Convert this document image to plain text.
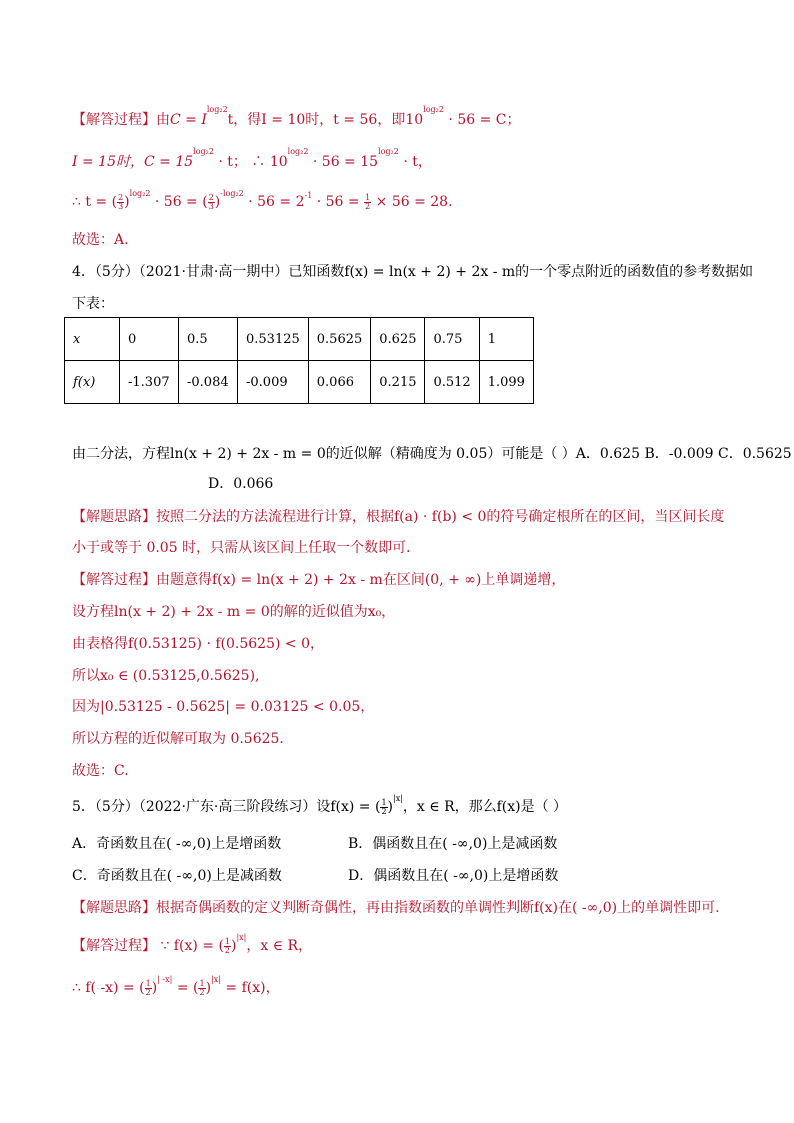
【解答过程】由$C = I^{log_22}t$，得I = 10时，t = 56，即$10^{log_22} \cdot 56 = C$；
I = 15时，$C = 15^{log_22} \cdot t$； ∴ $10^{log_22} \cdot 56 = 15^{log_22} \cdot t$，
∴ t = ( $\frac{2}{3} )^{log_22} \cdot 56$ = ( $\frac{2}{3} )^{-log_22} \cdot 56 = 2^{-1} \cdot 56 = \frac{1}{2} \times 56 = 28$.
故选：A.
4．（5分）（2021·甘肃·高一期中）已知函数f(x) = ln(x + 2) + 2x - m的一个零点附近的函数值的参考数据如
下表：
x	0	0.5	0.53125	0.5625	0.625	0.75	1
f(x)	-1.307	-0.084	-0.009	0.066	0.215	0.512	1.099
由二分法，方程ln(x + 2) + 2x - m = 0的近似解（精确度为 0.05）可能是（ ）A．0.625 B．-0.009 C．0.5625
D．0.066
【解题思路】按照二分法的方法流程进行计算，根据f(a) · f(b) < 0的符号确定根所在的区间，当区间长度
小于或等于 0.05 时，只需从该区间上任取一个数即可．
【解答过程】由题意得f(x) = ln(x + 2) + 2x - m在区间(0, + ∞)上单调递增，
设方程ln(x + 2) + 2x - m = 0的解的近似值为x₀，
由表格得f(0.53125) · f(0.5625) < 0，
所以x₀ ∈ (0.53125,0.5625),
因为|0.53125 - 0.5625| = 0.03125 < 0.05，
所以方程的近似解可取为 0.5625．
故选：C.
5．（5分）（2022·广东·高三阶段练习）设f(x) = ( $\frac{1}{2} )^{|x|}$，x ∈ R，那么f(x)是（ ）
A．奇函数且在( -∞,0)上是增函数	B．偶函数且在( -∞,0)上是减函数
C．奇函数且在( -∞,0)上是减函数	D．偶函数且在( -∞,0)上是增函数
【解题思路】根据奇偶函数的定义判断奇偶性，再由指数函数的单调性判断f(x)在( -∞,0)上的单调性即可.
【解答过程】 ∵ f(x) = ( $\frac{1}{2} )^{|x|}$，x ∈ R，
∴ f( -x) = ( $\frac{1}{2} )^{| -x|}$ = ( $\frac{1}{2} )^{|x|} = f(x)$，
